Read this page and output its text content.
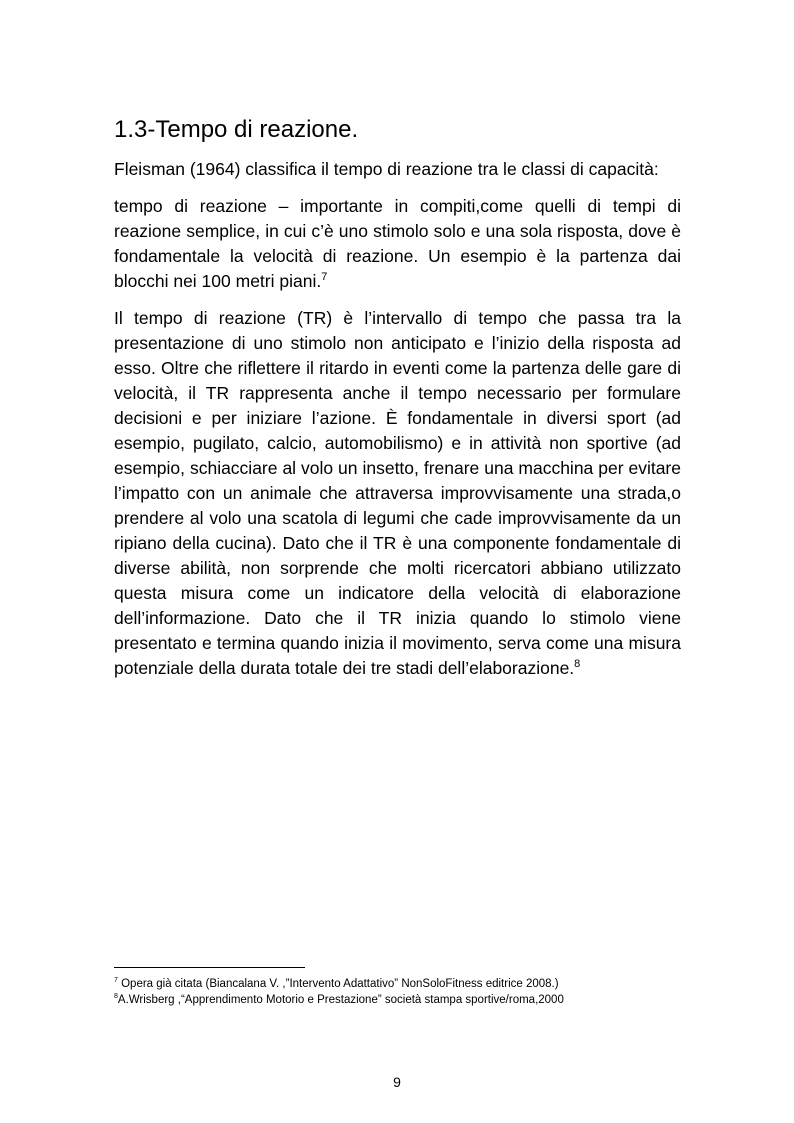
1.3-Tempo di reazione.

Fleisman (1964) classifica il tempo di reazione tra le classi di capacità:

tempo di reazione – importante in compiti,come quelli di tempi di reazione semplice, in cui c’è uno stimolo solo e una sola risposta, dove è fondamentale la velocità di reazione. Un esempio è la partenza dai blocchi nei 100 metri piani.$^7$

Il tempo di reazione (TR) è l’intervallo di tempo che passa tra la presentazione di uno stimolo non anticipato e l’inizio della risposta ad esso. Oltre che riflettere il ritardo in eventi come la partenza delle gare di velocità, il TR rappresenta anche il tempo necessario per formulare decisioni e per iniziare l’azione. È fondamentale in diversi sport (ad esempio, pugilato, calcio, automobilismo) e in attività non sportive (ad esempio, schiacciare al volo un insetto, frenare una macchina per evitare l’impatto con un animale che attraversa improvvisamente una strada,o prendere al volo una scatola di legumi che cade improvvisamente da un ripiano della cucina). Dato che il TR è una componente fondamentale di diverse abilità, non sorprende che molti ricercatori abbiano utilizzato questa misura come un indicatore della velocità di elaborazione dell’informazione. Dato che il TR inizia quando lo stimolo viene presentato e termina quando inizia il movimento, serva come una misura potenziale della durata totale dei tre stadi dell’elaborazione.$^8$

$^7$ Opera già citata (Biancalana V. ,”Intervento Adattativo” NonSoloFitness editrice 2008.)

$^8$A.Wrisberg ,“Apprendimento Motorio e Prestazione” società stampa sportive/roma,2000

9
